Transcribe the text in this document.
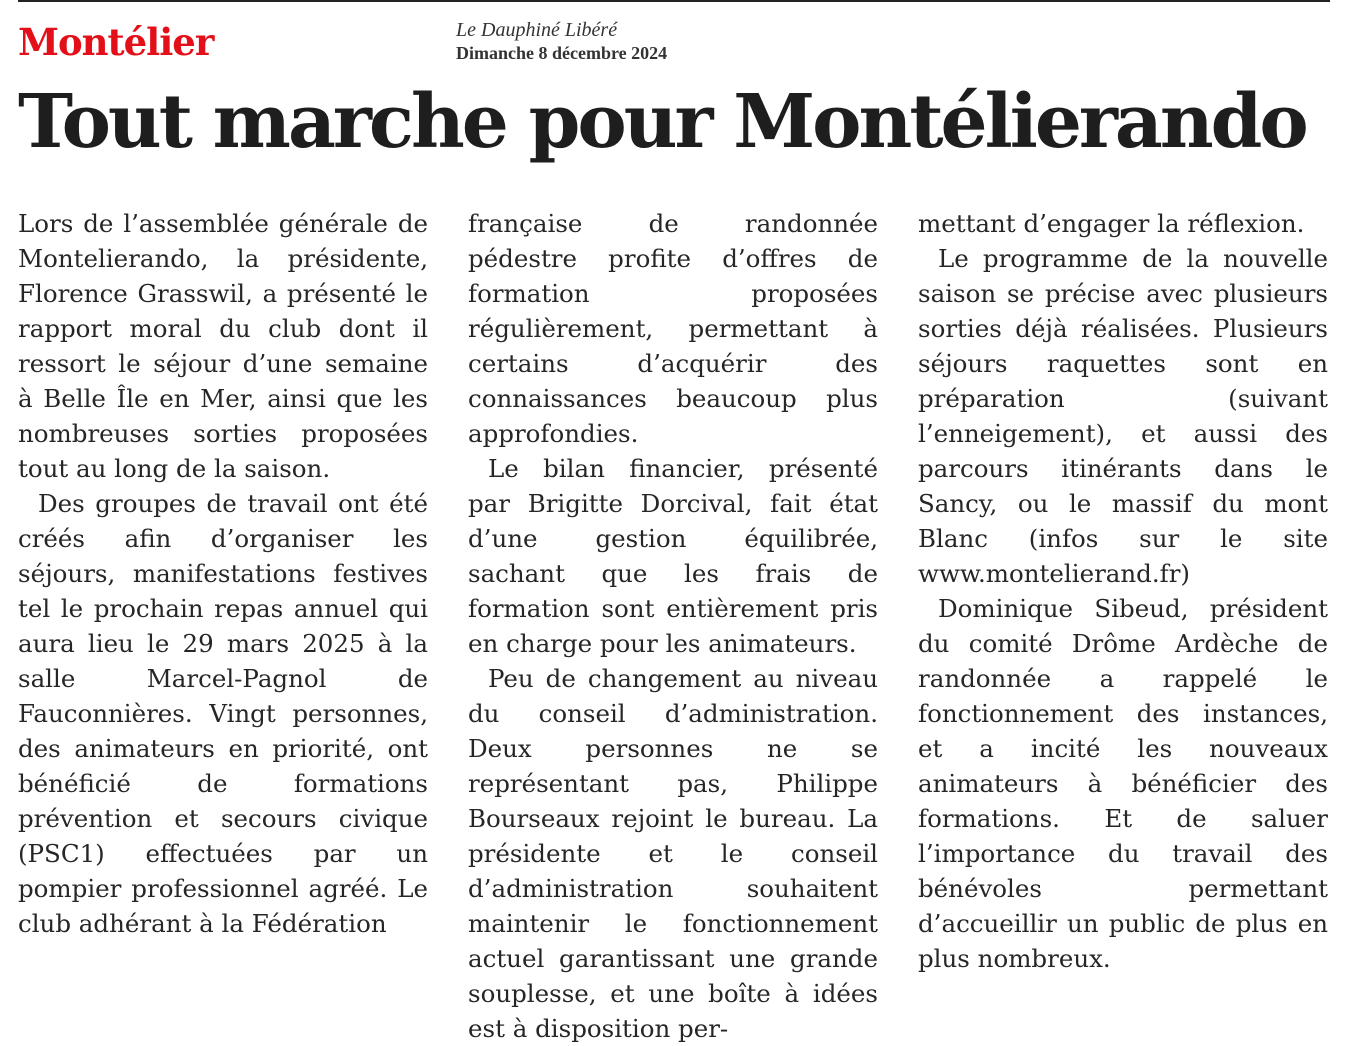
Montélier	Le Dauphiné Libéré
Dimanche 8 décembre 2024
Tout marche pour Montélierando

Lors de l’assemblée générale de Montelierando, la présidente, Florence Grasswil, a présenté le rapport moral du club dont il ressort le séjour d’une semaine à Belle Île en Mer, ainsi que les nombreuses sorties proposées tout au long de la saison.

Des groupes de travail ont été créés afin d’organiser les séjours, manifestations festives tel le prochain repas annuel qui aura lieu le 29 mars 2025 à la salle Marcel-Pagnol de Fauconnières. Vingt personnes, des animateurs en priorité, ont bénéficié de formations prévention et secours civique (PSC1) effectuées par un pompier professionnel agréé. Le club adhérant à la Fédération

française de randonnée pédestre profite d’offres de formation proposées régulièrement, permettant à certains d’acquérir des connaissances beaucoup plus approfondies.

Le bilan financier, présenté par Brigitte Dorcival, fait état d’une gestion équilibrée, sachant que les frais de formation sont entièrement pris en charge pour les animateurs.

Peu de changement au niveau du conseil d’administration. Deux personnes ne se représentant pas, Philippe Bourseaux rejoint le bureau. La présidente et le conseil d’administration souhaitent maintenir le fonctionnement actuel garantissant une grande souplesse, et une boîte à idées est à disposition per-

mettant d’engager la réflexion.

Le programme de la nouvelle saison se précise avec plusieurs sorties déjà réalisées. Plusieurs séjours raquettes sont en préparation (suivant l’enneigement), et aussi des parcours itinérants dans le Sancy, ou le massif du mont Blanc (infos sur le site www.montelierand.fr)

Dominique Sibeud, président du comité Drôme Ardèche de randonnée a rappelé le fonctionnement des instances, et a incité les nouveaux animateurs à bénéficier des formations. Et de saluer l’importance du travail des bénévoles permettant d’accueillir un public de plus en plus nombreux.
